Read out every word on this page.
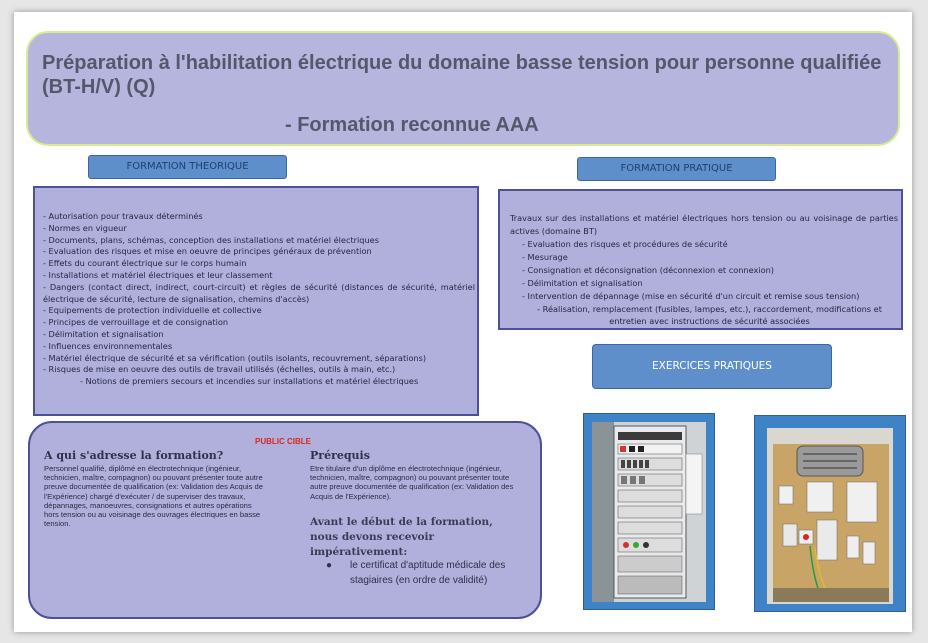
Préparation à l'habilitation électrique du domaine basse tension pour personne qualifiée (BT-H/V) (Q)
- Formation reconnue AAA
FORMATION THEORIQUE	FORMATION PRATIQUE
- Autorisation pour travaux déterminés
- Normes en vigueur
- Documents, plans, schémas, conception des installations et matériel électriques
- Evaluation des risques et mise en oeuvre de principes généraux de prévention
- Effets du courant électrique sur le corps humain
- Installations et matériel électriques et leur classement
- Dangers (contact direct, indirect, court-circuit) et règles de sécurité (distances de sécurité, matériel électrique de sécurité, lecture de signalisation, chemins d'accès)
- Equipements de protection individuelle et collective
- Principes de verrouillage et de consignation
- Délimitation et signalisation
- Influences environnementales
- Matériel électrique de sécurité et sa vérification (outils isolants, recouvrement, séparations)
- Risques de mise en oeuvre des outils de travail utilisés (échelles, outils à main, etc.)
- Notions de premiers secours et incendies sur installations et matériel électriques
Travaux sur des installations et matériel électriques hors tension ou au voisinage de parties actives (domaine BT)
- Evaluation des risques et procédures de sécurité
- Mesurage
- Consignation et déconsignation (déconnexion et connexion)
- Délimitation et signalisation
- Intervention de dépannage (mise en sécurité d'un circuit et remise sous tension)
- Réalisation, remplacement (fusibles, lampes, etc.), raccordement, modifications et entretien avec instructions de sécurité associées
EXERCICES PRATIQUES
PUBLIC CIBLE
A qui s'adresse la formation?
Personnel qualifié, diplômé en électrotechnique (ingénieur, technicien, maître, compagnon) ou pouvant présenter toute autre preuve documentée de qualification (ex: Validation des Acquis de l'Expérience) chargé d'exécuter / de superviser des travaux, dépannages, manoeuvres, consignations et autres opérations hors tension ou au voisinage des ouvrages électriques en basse tension.
Prérequis
Etre titulaire d'un diplôme en électrotechnique (ingénieur, technicien, maître, compagnon) ou pouvant présenter toute autre preuve documentée de qualification (ex: Validation des Acquis de l'Expérience).
Avant le début de la formation, nous devons recevoir impérativement:
● le certificat d'aptitude médicale des stagiaires (en ordre de validité)
